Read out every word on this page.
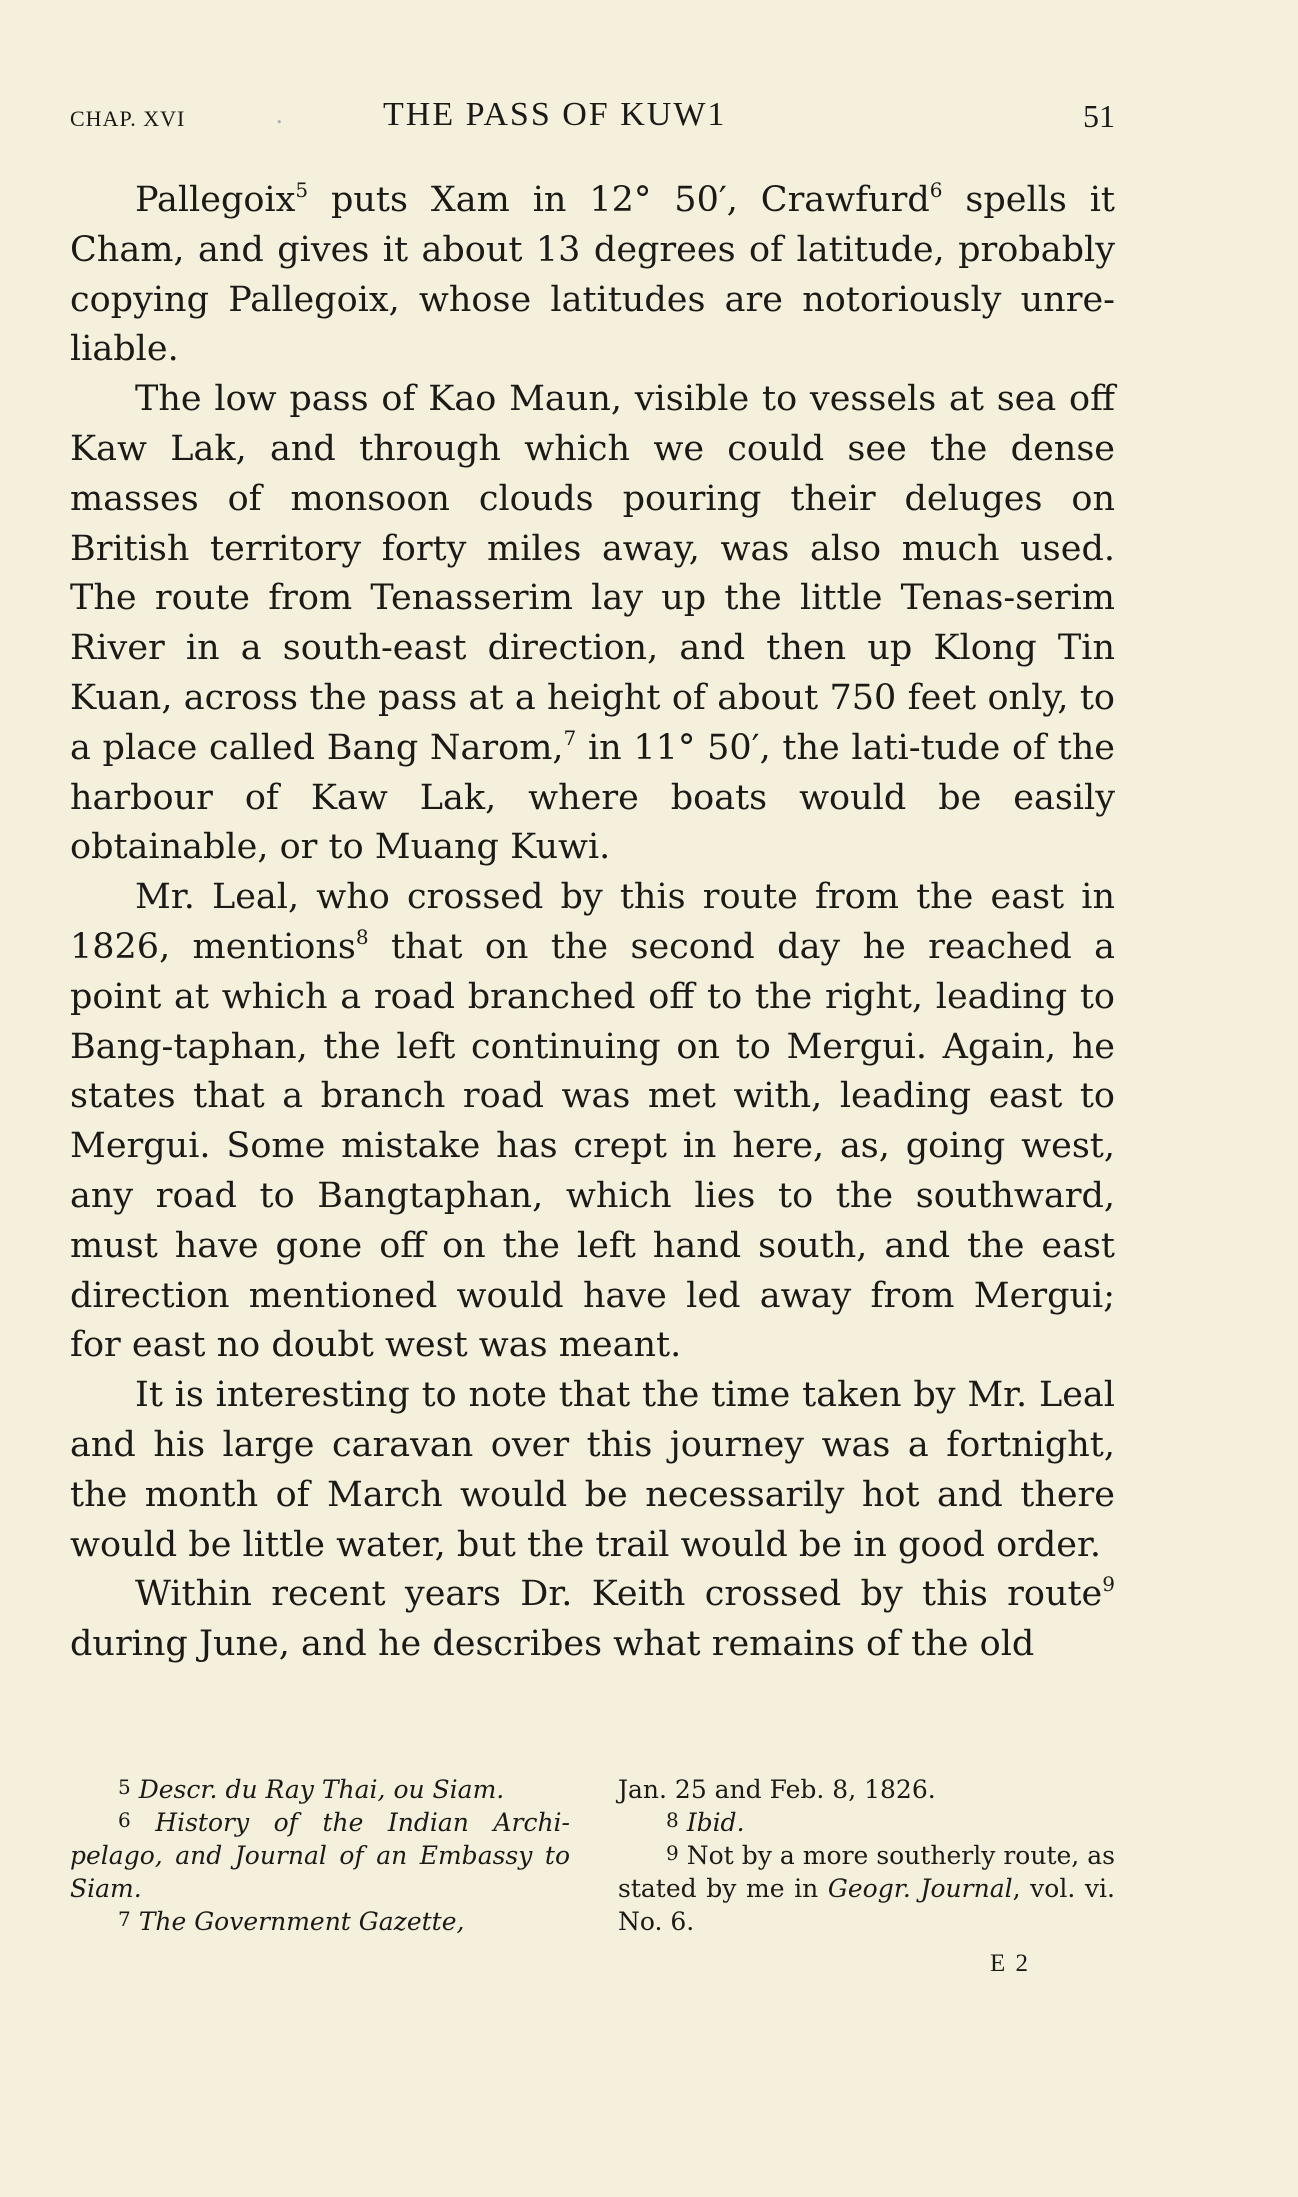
CHAP. XVI	.	THE PASS OF KUW1	51

Pallegoix$^5$ puts Xam in 12° 50′, Crawfurd$^6$ spells it Cham, and gives it about 13 degrees of latitude, probably copying Pallegoix, whose latitudes are notoriously unre-liable.

The low pass of Kao Maun, visible to vessels at sea off Kaw Lak, and through which we could see the dense masses of monsoon clouds pouring their deluges on British territory forty miles away, was also much used. The route from Tenasserim lay up the little Tenas-serim River in a south-east direction, and then up Klong Tin Kuan, across the pass at a height of about 750 feet only, to a place called Bang Narom,$^7$ in 11° 50′, the lati-tude of the harbour of Kaw Lak, where boats would be easily obtainable, or to Muang Kuwi.

Mr. Leal, who crossed by this route from the east in 1826, mentions$^8$ that on the second day he reached a point at which a road branched off to the right, leading to Bang-taphan, the left continuing on to Mergui. Again, he states that a branch road was met with, leading east to Mergui. Some mistake has crept in here, as, going west, any road to Bangtaphan, which lies to the southward, must have gone off on the left hand south, and the east direction mentioned would have led away from Mergui; for east no doubt west was meant.

It is interesting to note that the time taken by Mr. Leal and his large caravan over this journey was a fortnight, the month of March would be necessarily hot and there would be little water, but the trail would be in good order.

Within recent years Dr. Keith crossed by this route$^9$ during June, and he describes what remains of the old

$^5$ Descr. du Ray Thai, ou Siam.

$^6$ History of the Indian Archi-pelago, and Journal of an Embassy to Siam.

$^7$ The Government Gazette,

Jan. 25 and Feb. 8, 1826.

$^8$ Ibid.

$^9$ Not by a more southerly route, as stated by me in Geogr. Journal, vol. vi. No. 6.

E 2
